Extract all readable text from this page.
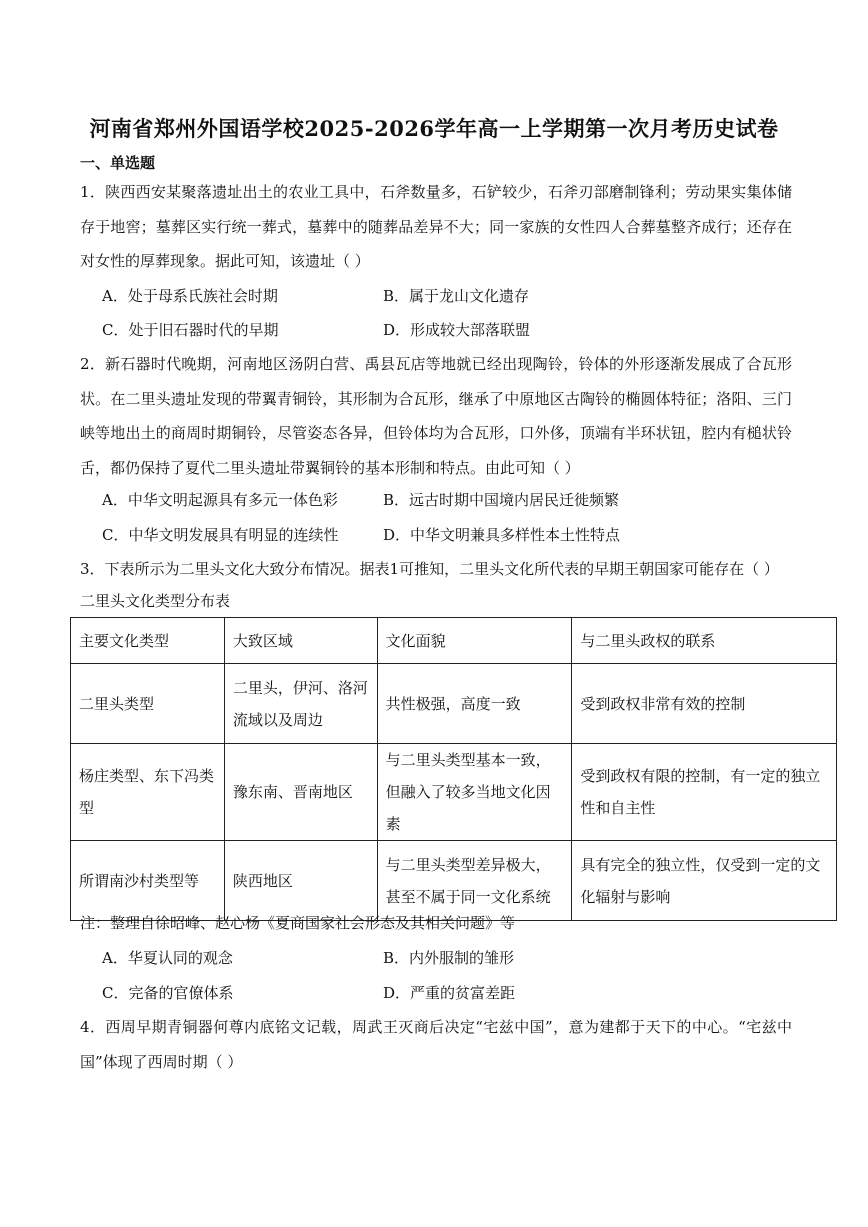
河南省郑州外国语学校2025-2026学年高一上学期第一次月考历史试卷
一、单选题
1．陕西西安某聚落遗址出土的农业工具中，石斧数量多，石铲较少，石斧刃部磨制锋利；劳动果实集体储存于地窖；墓葬区实行统一葬式，墓葬中的随葬品差异不大；同一家族的女性四人合葬墓整齐成行；还存在对女性的厚葬现象。据此可知，该遗址（ ）
A．处于母系氏族社会时期	B．属于龙山文化遗存
C．处于旧石器时代的早期	D．形成较大部落联盟
2．新石器时代晚期，河南地区汤阴白营、禹县瓦店等地就已经出现陶铃，铃体的外形逐渐发展成了合瓦形状。在二里头遗址发现的带翼青铜铃，其形制为合瓦形，继承了中原地区古陶铃的椭圆体特征；洛阳、三门峡等地出土的商周时期铜铃，尽管姿态各异，但铃体均为合瓦形，口外侈，顶端有半环状钮，腔内有槌状铃舌，都仍保持了夏代二里头遗址带翼铜铃的基本形制和特点。由此可知（ ）
A．中华文明起源具有多元一体色彩	B．远古时期中国境内居民迁徙频繁
C．中华文明发展具有明显的连续性	D．中华文明兼具多样性本土性特点
3．下表所示为二里头文化大致分布情况。据表1可推知，二里头文化所代表的早期王朝国家可能存在（ ）
二里头文化类型分布表
主要文化类型	大致区域	文化面貌	与二里头政权的联系
二里头类型	二里头，伊河、洛河流域以及周边	共性极强，高度一致	受到政权非常有效的控制
杨庄类型、东下冯类型	豫东南、晋南地区	与二里头类型基本一致，但融入了较多当地文化因素	受到政权有限的控制，有一定的独立性和自主性
所谓南沙村类型等	陕西地区	与二里头类型差异极大，甚至不属于同一文化系统	具有完全的独立性，仅受到一定的文化辐射与影响
注：整理自徐昭峰、赵心杨《夏商国家社会形态及其相关问题》等
A．华夏认同的观念	B．内外服制的雏形
C．完备的官僚体系	D．严重的贫富差距
4．西周早期青铜器何尊内底铭文记载，周武王灭商后决定“宅兹中国”，意为建都于天下的中心。“宅兹中国”体现了西周时期（ ）
